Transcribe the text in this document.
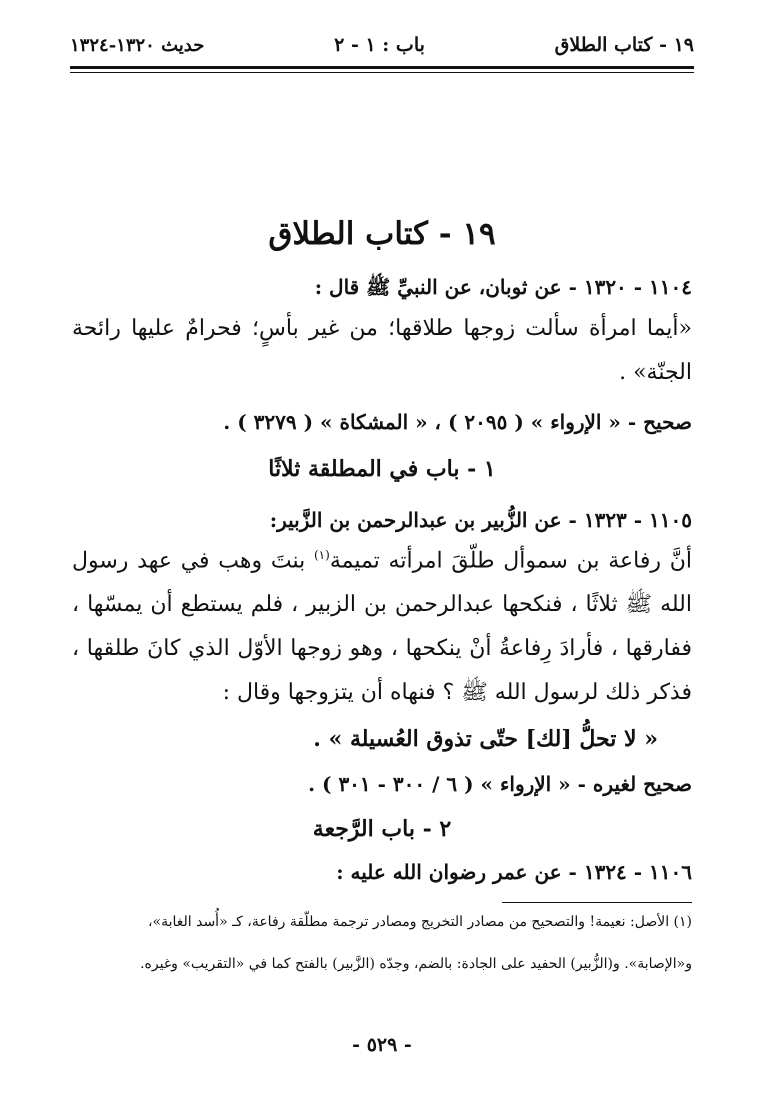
١٩ - كتاب الطلاق
باب : ١ - ٢
حديث ١٣٢٠-١٣٢٤
١٩ - كتاب الطلاق
١١٠٤ - ١٣٢٠ - عن ثوبان، عن النبيِّ ﷺ قال :
«أيما امرأة سألت زوجها طلاقها؛ من غير بأسٍ؛ فحرامٌ عليها رائحة
الجنّة» .
صحيح - « الإرواء » ( ٢٠٩٥ ) ، « المشكاة » ( ٣٢٧٩ ) .
١ - باب في المطلقة ثلاثًا
١١٠٥ - ١٣٢٣ - عن الزُّبير بن عبدالرحمن بن الزَّبير:
أنَّ رفاعة بن سموأل طلّقَ امرأته تميمة$^{(١)}$ بنتَ وهب في عهد رسول
الله ﷺ ثلاثًا ، فنكحها عبدالرحمن بن الزبير ، فلم يستطع أن يمسّها ،
ففارقها ، فأرادَ رِفاعةُ أنْ ينكحها ، وهو زوجها الأوّل الذي كانَ طلقها ،
فذكر ذلك لرسول الله ﷺ ؟ فنهاه أن يتزوجها وقال :
« لا تحلُّ [لك] حتّى تذوق العُسيلة » .
صحيح لغيره - « الإرواء » ( ٦ / ٣٠٠ - ٣٠١ ) .
٢ - باب الرَّجعة
١١٠٦ - ١٣٢٤ - عن عمر رضوان الله عليه :
(١) الأصل: نعيمة! والتصحيح من مصادر التخريج ومصادر ترجمة مطلّقة رفاعة، كـ «أُسد الغابة»،
و«الإصابة». و(الزُّبير) الحفيد على الجادة: بالضم، وجدّه (الزَّبير) بالفتح كما في «التقريب» وغيره.
- ٥٢٩ -
